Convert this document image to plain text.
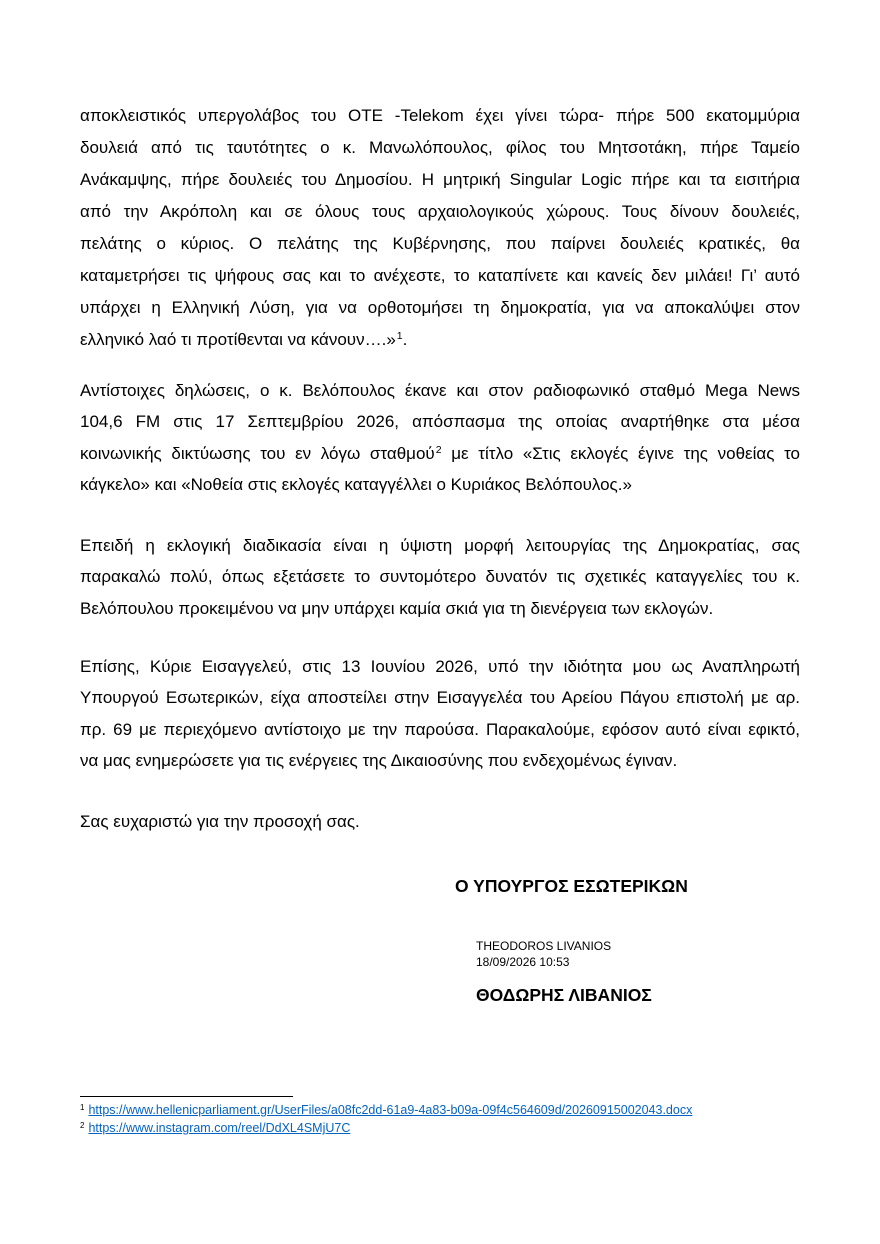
αποκλειστικός υπεργολάβος του ΟΤΕ -Telekom έχει γίνει τώρα- πήρε 500 εκατομμύρια
δουλειά από τις ταυτότητες ο κ. Μανωλόπουλος, φίλος του Μητσοτάκη, πήρε Ταμείο
Ανάκαμψης, πήρε δουλειές του Δημοσίου. Η μητρική Singular Logic πήρε και τα εισιτήρια
από την Ακρόπολη και σε όλους τους αρχαιολογικούς χώρους. Τους δίνουν δουλειές,
πελάτης ο κύριος. Ο πελάτης της Κυβέρνησης, που παίρνει δουλειές κρατικές, θα
καταμετρήσει τις ψήφους σας και το ανέχεστε, το καταπίνετε και κανείς δεν μιλάει! Γι’ αυτό
υπάρχει η Ελληνική Λύση, για να ορθοτομήσει τη δημοκρατία, για να αποκαλύψει στον
ελληνικό λαό τι προτίθενται να κάνουν….»$^1$.
Αντίστοιχες δηλώσεις, ο κ. Βελόπουλος έκανε και στον ραδιοφωνικό σταθμό Mega News
104,6 FM στις 17 Σεπτεμβρίου 2026, απόσπασμα της οποίας αναρτήθηκε στα μέσα
κοινωνικής δικτύωσης του εν λόγω σταθμού$^2$ με τίτλο «Στις εκλογές έγινε της νοθείας το
κάγκελο» και «Νοθεία στις εκλογές καταγγέλλει ο Κυριάκος Βελόπουλος.»
Επειδή η εκλογική διαδικασία είναι η ύψιστη μορφή λειτουργίας της Δημοκρατίας, σας
παρακαλώ πολύ, όπως εξετάσετε το συντομότερο δυνατόν τις σχετικές καταγγελίες του κ.
Βελόπουλου προκειμένου να μην υπάρχει καμία σκιά για τη διενέργεια των εκλογών.
Επίσης, Κύριε Εισαγγελεύ, στις 13 Ιουνίου 2026, υπό την ιδιότητα μου ως Αναπληρωτή
Υπουργού Εσωτερικών, είχα αποστείλει στην Εισαγγελέα του Αρείου Πάγου επιστολή με αρ.
πρ. 69 με περιεχόμενο αντίστοιχο με την παρούσα. Παρακαλούμε, εφόσον αυτό είναι εφικτό,
να μας ενημερώσετε για τις ενέργειες της Δικαιοσύνης που ενδεχομένως έγιναν.
Σας ευχαριστώ για την προσοχή σας.
Ο ΥΠΟΥΡΓΟΣ ΕΣΩΤΕΡΙΚΩΝ
THEODOROS LIVANIOS
18/09/2026 10:53
ΘΟΔΩΡΗΣ ΛΙΒΑΝΙΟΣ
$^1$ https://www.hellenicparliament.gr/UserFiles/a08fc2dd-61a9-4a83-b09a-09f4c564609d/20260915002043.docx
$^2$ https://www.instagram.com/reel/DdXL4SMjU7C
